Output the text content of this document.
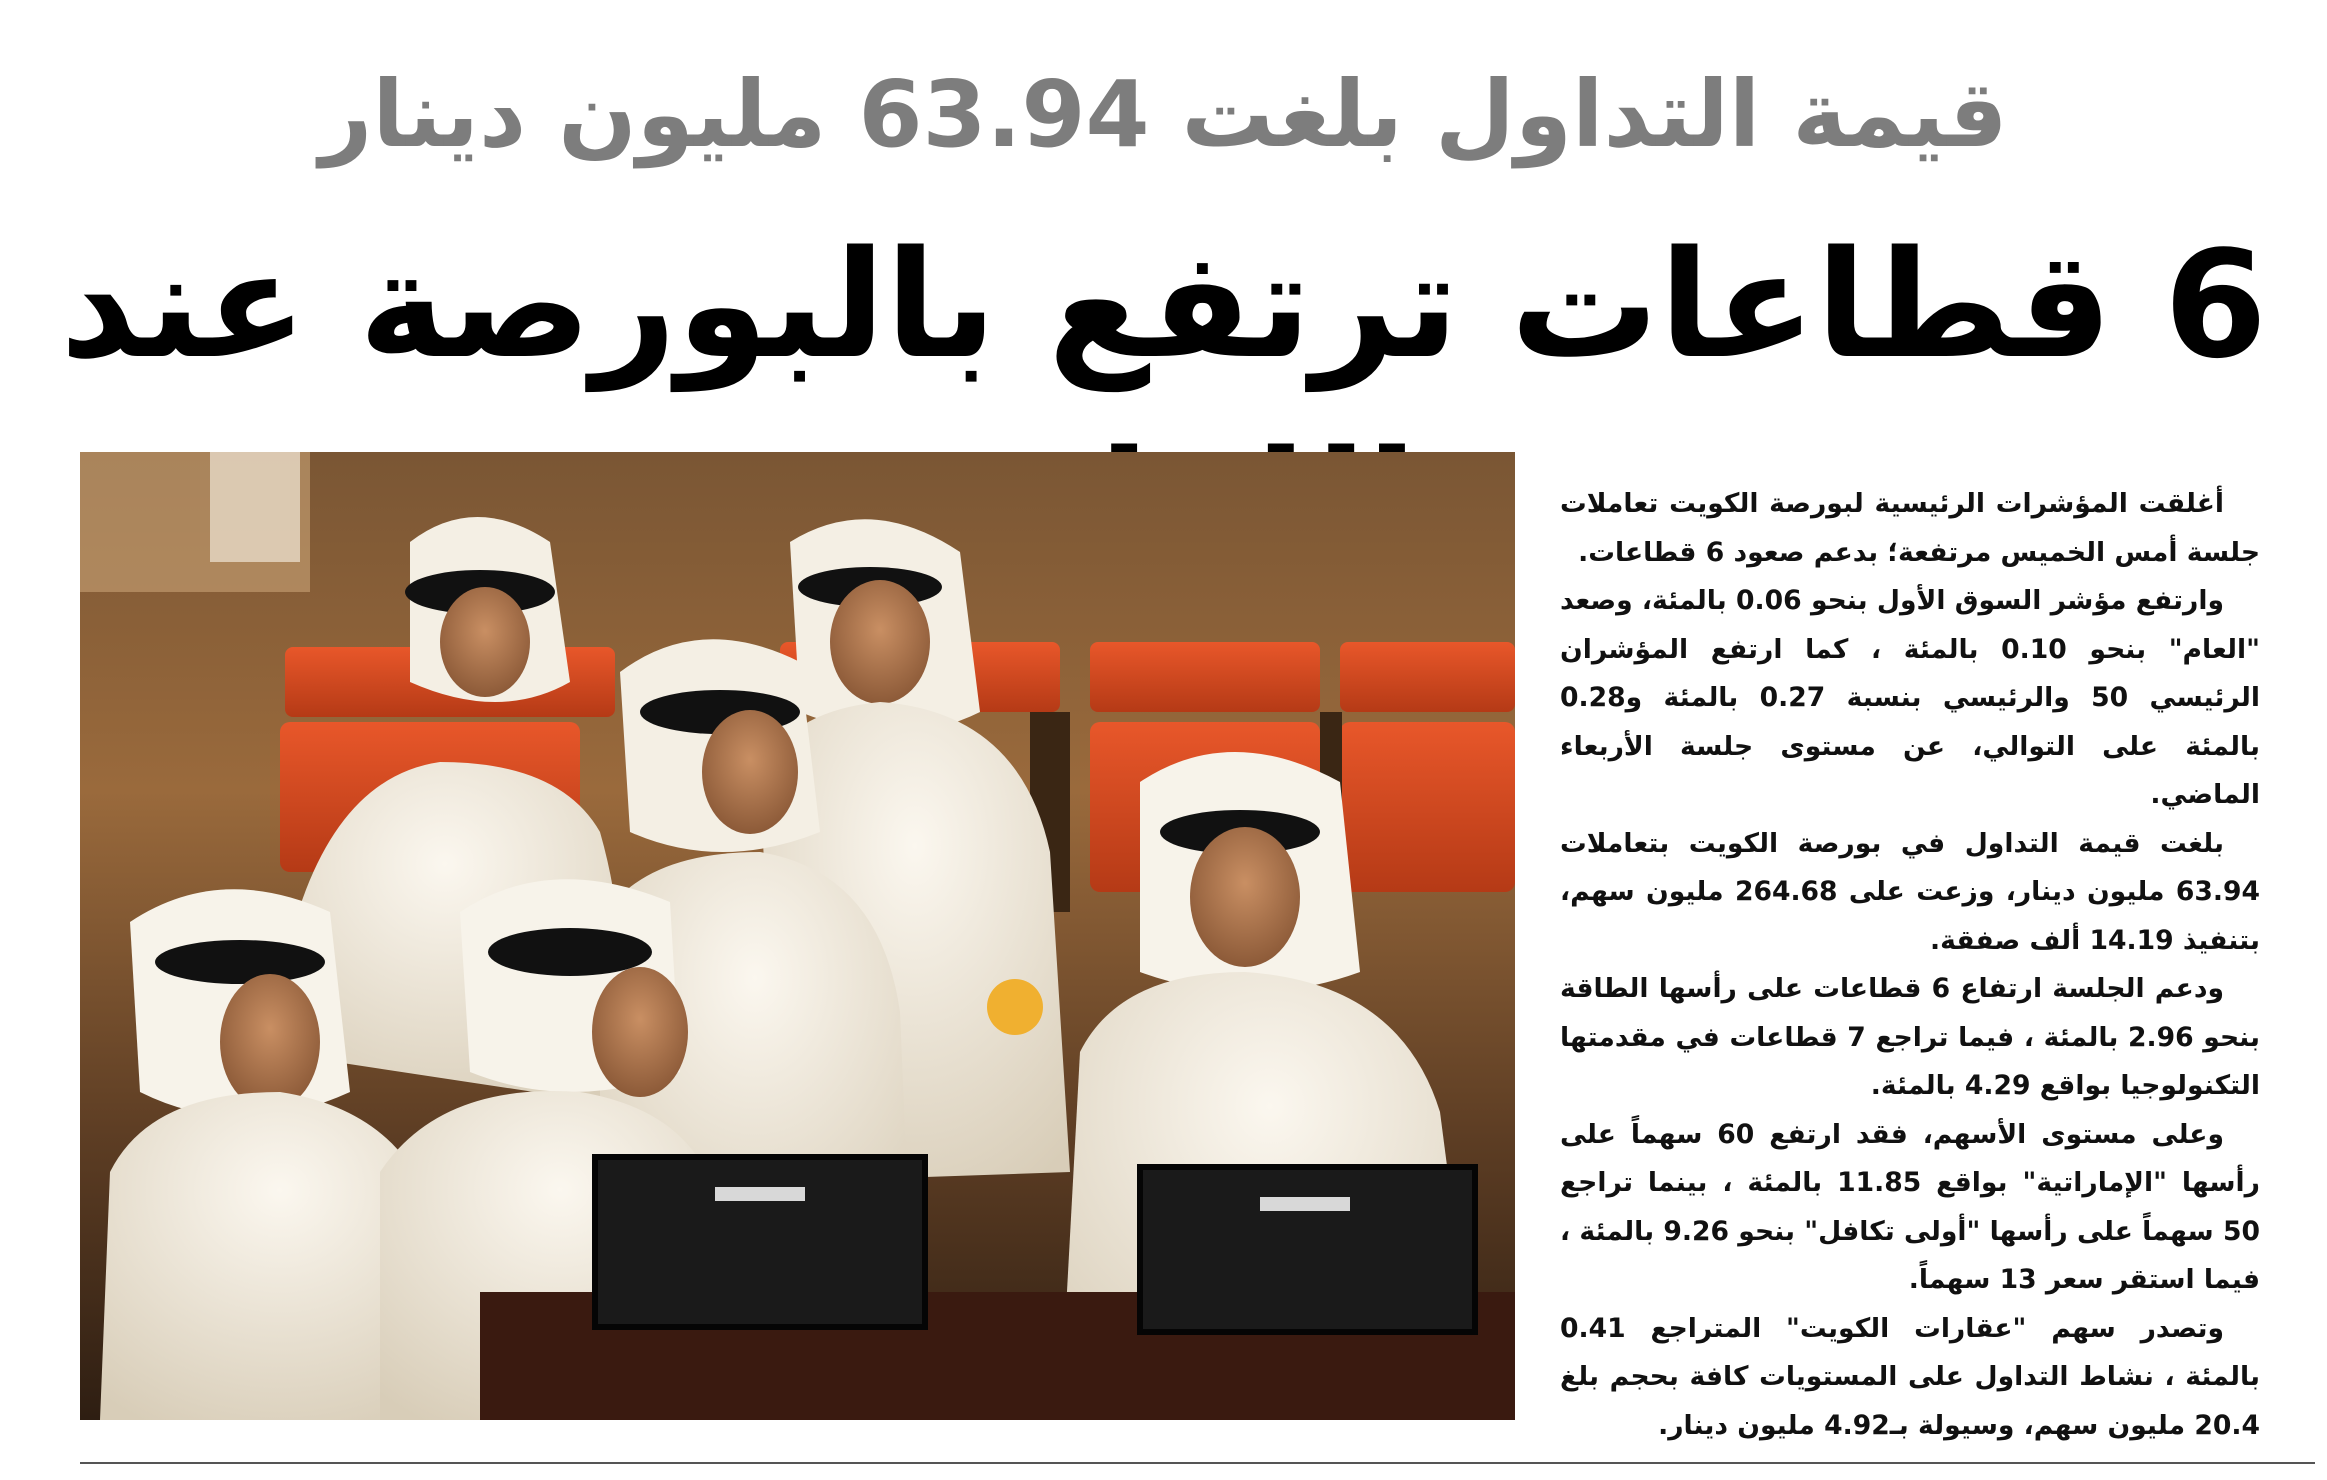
قيمة التداول بلغت 63.94 مليون دينار
6 قطاعات ترتفع بالبورصة عند

أغلقت المؤشرات الرئيسية لبورصة الكويت تعاملات جلسة أمس الخميس مرتفعة؛ بدعم صعود 6 قطاعات.

وارتفع مؤشر السوق الأول بنحو 0.06 بالمئة، وصعد "العام" بنحو 0.10 بالمئة ، كما ارتفع المؤشران الرئيسي 50 والرئيسي بنسبة 0.27 بالمئة و0.28 بالمئة على التوالي، عن مستوى جلسة الأربعاء الماضي.

بلغت قيمة التداول في بورصة الكويت بتعاملات 63.94 مليون دينار، وزعت على 264.68 مليون سهم، بتنفيذ 14.19 ألف صفقة.

ودعم الجلسة ارتفاع 6 قطاعات على رأسها الطاقة بنحو 2.96 بالمئة ، فيما تراجع 7 قطاعات في مقدمتها التكنولوجيا بواقع 4.29 بالمئة.

وعلى مستوى الأسهم، فقد ارتفع 60 سهماً على رأسها "الإماراتية" بواقع 11.85 بالمئة ، بينما تراجع 50 سهماً على رأسها "أولى تكافل" بنحو 9.26 بالمئة ، فيما استقر سعر 13 سهماً.

وتصدر سهم "عقارات الكويت" المتراجع 0.41 بالمئة ، نشاط التداول على المستويات كافة بحجم بلغ 20.4 مليون سهم، وسيولة بـ4.92 مليون دينار.
